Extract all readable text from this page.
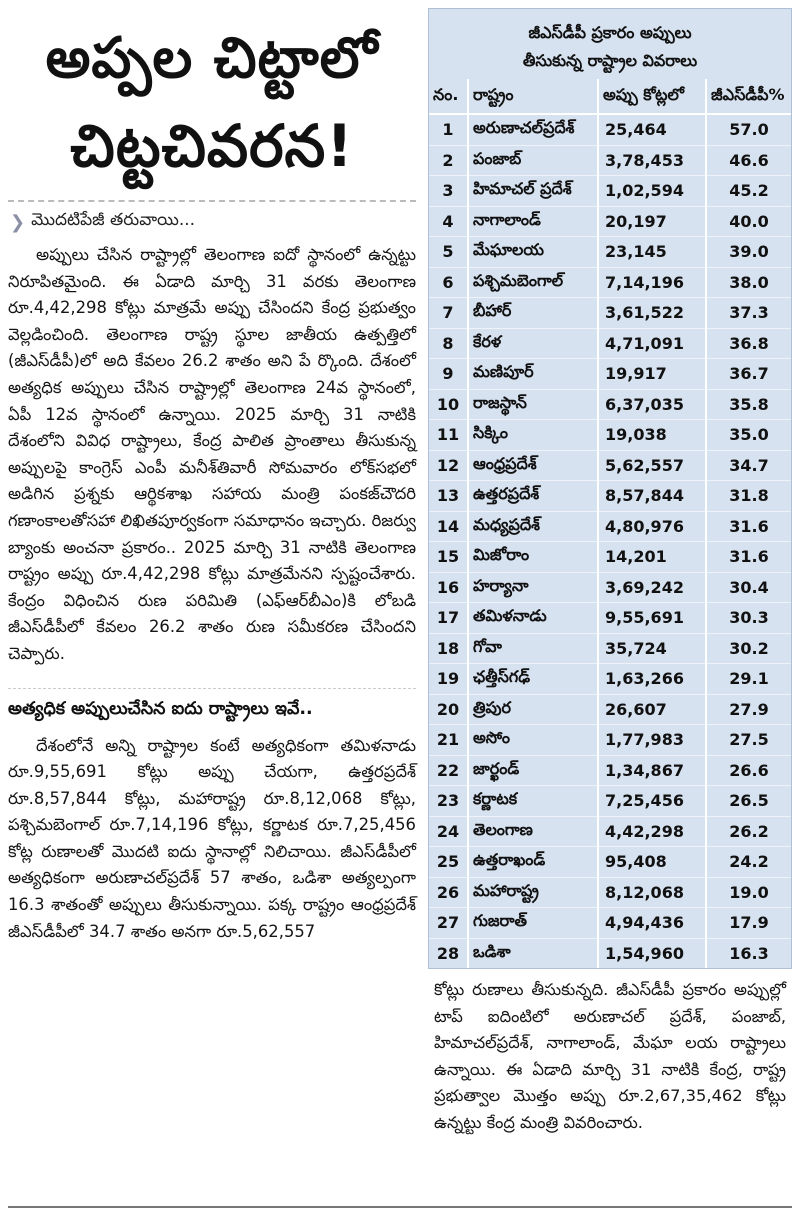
అప్పల చిట్టాలో
చిట్టచివరన!
❯ మొదటిపేజీ తరువాయి...

అప్పులు చేసిన రాష్ట్రాల్లో తెలంగాణ ఐదో స్థానంలో ఉన్నట్టు నిరూపితమైంది. ఈ ఏడాది మార్చి 31 వరకు తెలంగాణ రూ.4,42,298 కోట్లు మాత్రమే అప్పు చేసిందని కేంద్ర ప్రభుత్వం వెల్లడించింది. తెలంగాణ రాష్ట్ర స్థూల జాతీయ ఉత్పత్తిలో (జీఎస్‌డీపీ)లో అది కేవలం 26.2 శాతం అని పే ర్కొంది. దేశంలో అత్యధిక అప్పులు చేసిన రాష్ట్రాల్లో తెలంగాణ 24వ స్థానంలో, ఏపీ 12వ స్థానంలో ఉన్నాయి. 2025 మార్చి 31 నాటికి దేశంలోని వివిధ రాష్ట్రాలు, కేంద్ర పాలిత ప్రాంతాలు తీసుకున్న అప్పులపై కాంగ్రెస్ ఎంపీ మనీశ్‌తివారీ సోమవారం లోక్‌సభలో అడిగిన ప్రశ్నకు ఆర్థికశాఖ సహాయ మంత్రి పంకజ్‌చౌదరి గణాంకాలతోసహా లిఖితపూర్వకంగా సమాధానం ఇచ్చారు. రిజర్వు బ్యాంకు అంచనా ప్రకారం.. 2025 మార్చి 31 నాటికి తెలంగాణ రాష్ట్రం అప్పు రూ.4,42,298 కోట్లు మాత్రమేనని స్పష్టంచేశారు. కేంద్రం విధించిన రుణ పరిమితి (ఎఫ్‌ఆర్‌బీఎం)కి లోబడి జీఎస్‌డీపీలో కేవలం 26.2 శాతం రుణ సమీకరణ చేసిందని చెప్పారు.

అత్యధిక అప్పులుచేసిన ఐదు రాష్ట్రాలు ఇవే..

దేశంలోనే అన్ని రాష్ట్రాల కంటే అత్యధికంగా తమిళనాడు రూ.9,55,691 కోట్లు అప్పు చేయగా, ఉత్తరప్రదేశ్ రూ.8,57,844 కోట్లు, మహారాష్ట్ర రూ.8,12,068 కోట్లు, పశ్చిమబెంగాల్ రూ.7,14,196 కోట్లు, కర్ణాటక రూ.7,25,456 కోట్ల రుణాలతో మొదటి ఐదు స్థానాల్లో నిలిచాయి. జీఎస్‌డీపీలో అత్యధికంగా అరుణాచల్‌ప్రదేశ్ 57 శాతం, ఒడిశా అత్యల్పంగా 16.3 శాతంతో అప్పులు తీసుకున్నాయి. పక్క రాష్ట్రం ఆంధ్రప్రదేశ్ జీఎస్‌డీపీలో 34.7 శాతం అనగా రూ.5,62,557

జీఎస్‌డీపీ ప్రకారం అప్పులు
తీసుకున్న రాష్ట్రాల వివరాలు
నం.	రాష్ట్రం	అప్పు కోట్లలో	జీఎస్‌డీపీ%
1	అరుణాచల్‌ప్రదేశ్	25,464	57.0
2	పంజాబ్	3,78,453	46.6
3	హిమాచల్ ప్రదేశ్	1,02,594	45.2
4	నాగాలాండ్	20,197	40.0
5	మేఘాలయ	23,145	39.0
6	పశ్చిమబెంగాల్	7,14,196	38.0
7	బీహార్	3,61,522	37.3
8	కేరళ	4,71,091	36.8
9	మణిపూర్	19,917	36.7
10	రాజస్థాన్	6,37,035	35.8
11	సిక్కిం	19,038	35.0
12	ఆంధ్రప్రదేశ్	5,62,557	34.7
13	ఉత్తరప్రదేశ్	8,57,844	31.8
14	మధ్యప్రదేశ్	4,80,976	31.6
15	మిజోరాం	14,201	31.6
16	హర్యానా	3,69,242	30.4
17	తమిళనాడు	9,55,691	30.3
18	గోవా	35,724	30.2
19	ఛత్తీస్‌గఢ్	1,63,266	29.1
20	త్రిపుర	26,607	27.9
21	అసోం	1,77,983	27.5
22	జార్ఖండ్	1,34,867	26.6
23	కర్ణాటక	7,25,456	26.5
24	తెలంగాణ	4,42,298	26.2
25	ఉత్తరాఖండ్	95,408	24.2
26	మహారాష్ట్ర	8,12,068	19.0
27	గుజరాత్	4,94,436	17.9
28	ఒడిశా	1,54,960	16.3

కోట్లు రుణాలు తీసుకున్నది. జీఎస్‌డీపీ ప్రకారం అప్పుల్లో టాప్ ఐదింటిలో అరుణాచల్ ప్రదేశ్, పంజాబ్, హిమాచల్‌ప్రదేశ్, నాగాలాండ్, మేఘా లయ రాష్ట్రాలు ఉన్నాయి. ఈ ఏడాది మార్చి 31 నాటికి కేంద్ర, రాష్ట్ర ప్రభుత్వాల మొత్తం అప్పు రూ.2,67,35,462 కోట్లు ఉన్నట్టు కేంద్ర మంత్రి వివరించారు.
